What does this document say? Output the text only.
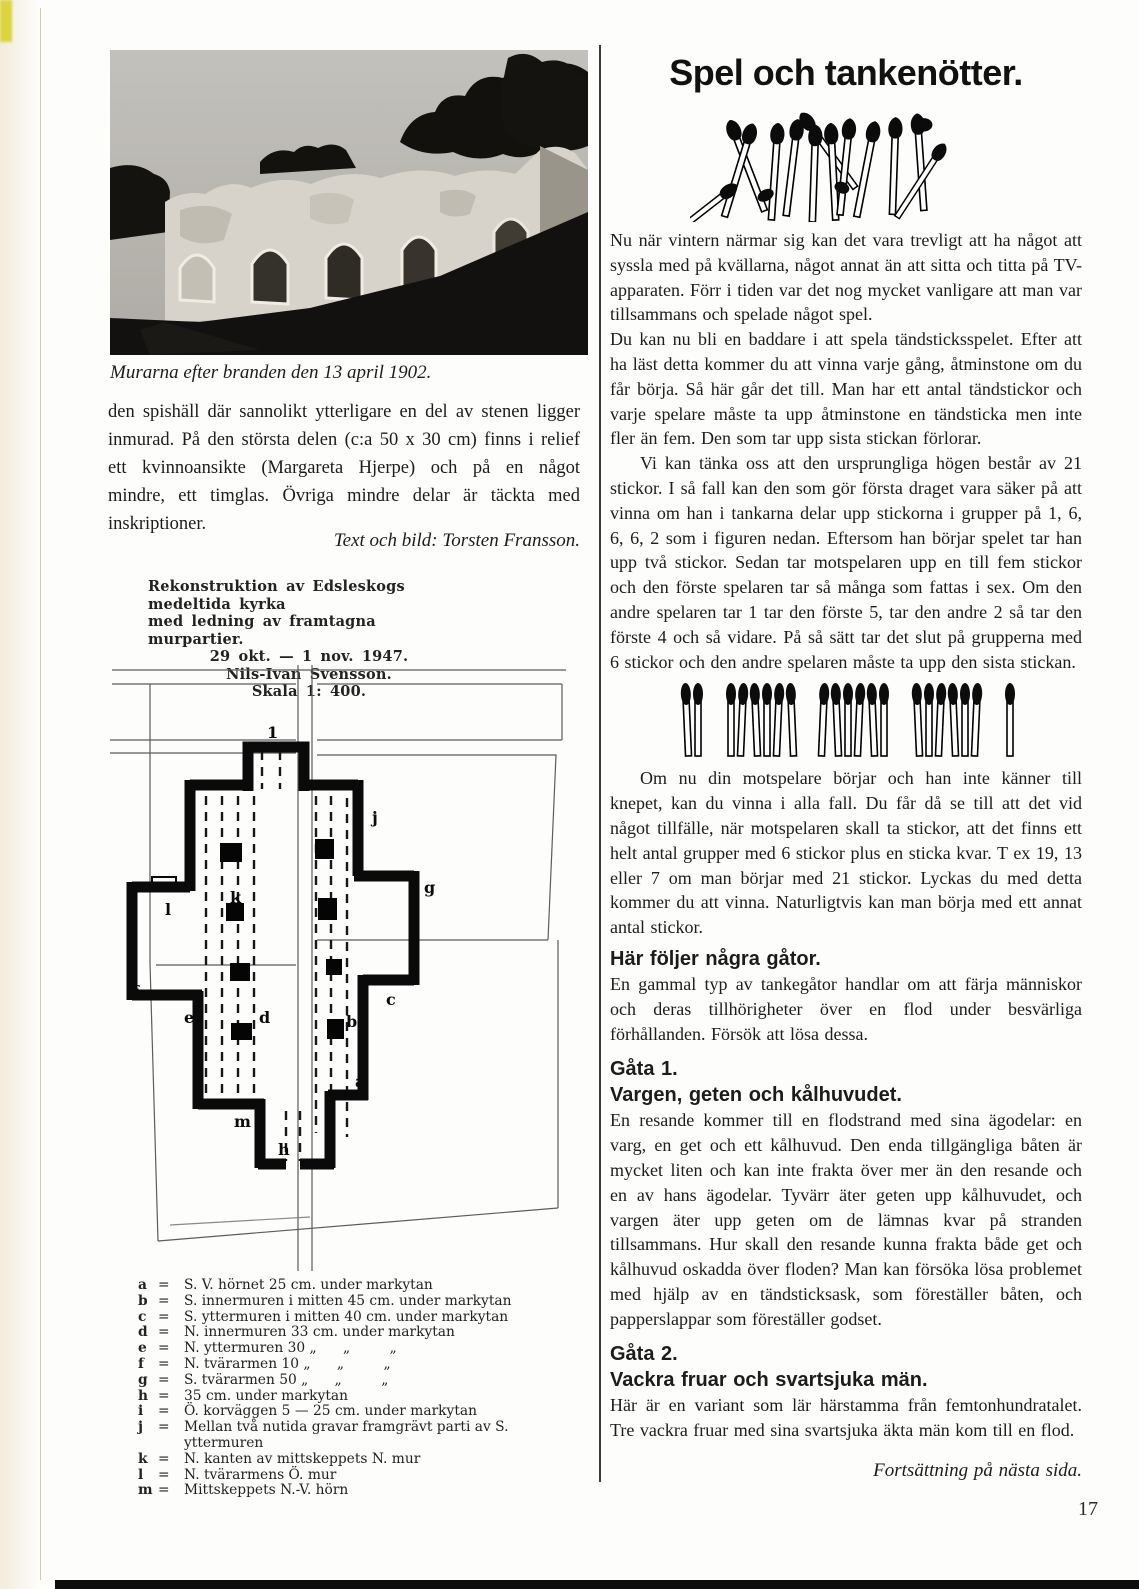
Murarna efter branden den 13 april 1902.
den spishäll där sannolikt ytterligare en del av stenen ligger inmurad. På den största delen (c:a 50 x 30 cm) finns i relief ett kvinnoansikte (Margareta Hjerpe) och på en något mindre, ett timglas. Övriga mindre delar är täckta med inskriptioner.
Text och bild: Torsten Fransson.
Rekonstruktion av Edsleskogs medeltida kyrka
med ledning av framtagna murpartier.
29 okt. — 1 nov. 1947.
Nils-Ivan Svensson.
Skala 1: 400.
1
j
g
k
l
f
e	d	b
c
a
m
h
a =	S. V. hörnet 25 cm. under markytan
b =	S. innermuren i mitten 45 cm. under markytan
c =	S. yttermuren i mitten 40 cm. under markytan
d =	N. innermuren 33 cm. under markytan
e =	N. yttermuren 30 „      „         „
f	=	N. tvärarmen 10 „      „         „
g =	S. tvärarmen 50 „      „         „
h =	35 cm. under markytan
i	=	Ö. korväggen 5 — 25 cm. under markytan
j	=	Mellan två nutida gravar framgrävt parti av S. yttermuren
k =	N. kanten av mittskeppets N. mur
l	=	N. tvärarmens Ö. mur
m =	Mittskeppets N.-V. hörn
Spel och tankenötter.

Nu när vintern närmar sig kan det vara trevligt att ha något att syssla med på kvällarna, något annat än att sitta och titta på TV-apparaten. Förr i tiden var det nog mycket vanligare att man var tillsammans och spelade något spel.

Du kan nu bli en baddare i att spela tändsticksspelet. Efter att ha läst detta kommer du att vinna varje gång, åtminstone om du får börja. Så här går det till. Man har ett antal tändstickor och varje spelare måste ta upp åtminstone en tändsticka men inte fler än fem. Den som tar upp sista stickan förlorar.

Vi kan tänka oss att den ursprungliga högen består av 21 stickor. I så fall kan den som gör första draget vara säker på att vinna om han i tankarna delar upp stickorna i grupper på 1, 6, 6, 6, 2 som i figuren nedan. Eftersom han börjar spelet tar han upp två stickor. Sedan tar motspelaren upp en till fem stickor och den förste spelaren tar så många som fattas i sex. Om den andre spelaren tar 1 tar den förste 5, tar den andre 2 så tar den förste 4 och så vidare. På så sätt tar det slut på grupperna med 6 stickor och den andre spelaren måste ta upp den sista stickan.

Om nu din motspelare börjar och han inte känner till knepet, kan du vinna i alla fall. Du får då se till att det vid något tillfälle, när motspelaren skall ta stickor, att det finns ett helt antal grupper med 6 stickor plus en sticka kvar. T ex 19, 13 eller 7 om man börjar med 21 stickor. Lyckas du med detta kommer du att vinna. Naturligtvis kan man börja med ett annat antal stickor.

Här följer några gåtor.

En gammal typ av tankegåtor handlar om att färja människor och deras tillhörigheter över en flod under besvärliga förhållanden. Försök att lösa dessa.

Gåta 1.
Vargen, geten och kålhuvudet.

En resande kommer till en flodstrand med sina ägodelar: en varg, en get och ett kålhuvud. Den enda tillgängliga båten är mycket liten och kan inte frakta över mer än den resande och en av hans ägodelar. Tyvärr äter geten upp kålhuvudet, och vargen äter upp geten om de lämnas kvar på stranden tillsammans. Hur skall den resande kunna frakta både get och kålhuvud oskadda över floden? Man kan försöka lösa problemet med hjälp av en tändsticksask, som föreställer båten, och papperslappar som föreställer godset.

Gåta 2.
Vackra fruar och svartsjuka män.

Här är en variant som lär härstamma från femtonhundratalet. Tre vackra fruar med sina svartsjuka äkta män kom till en flod.

Fortsättning på nästa sida.

17
